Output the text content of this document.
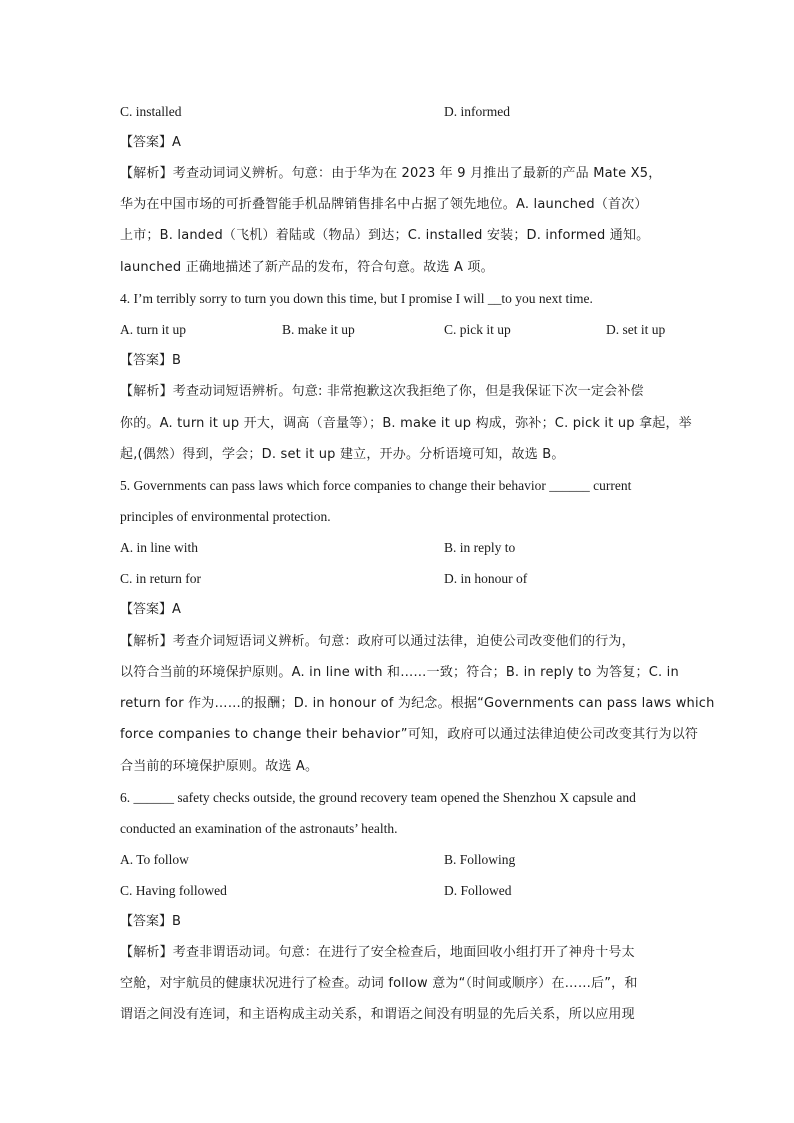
C. installed	D. informed
【答案】A
【解析】考查动词词义辨析。句意：由于华为在 2023 年 9 月推出了最新的产品 Mate X5，
华为在中国市场的可折叠智能手机品牌销售排名中占据了领先地位。A. launched（首次）
上市；B. landed（飞机）着陆或（物品）到达；C. installed 安装；D. informed 通知。
launched 正确地描述了新产品的发布，符合句意。故选 A 项。
4. I’m terribly sorry to turn you down this time, but I promise I will __to you next time.
A. turn it up	B. make it up	C. pick it up	D. set it up
【答案】B
【解析】考查动词短语辨析。句意: 非常抱歉这次我拒绝了你，但是我保证下次一定会补偿
你的。A. turn it up 开大，调高（音量等）；B. make it up 构成，弥补；C. pick it up 拿起，举
起,(偶然）得到，学会；D. set it up 建立，开办。分析语境可知，故选 B。
5. Governments can pass laws which force companies to change their behavior ______ current
principles of environmental protection.
A. in line with	B. in reply to
C. in return for	D. in honour of
【答案】A
【解析】考查介词短语词义辨析。句意：政府可以通过法律，迫使公司改变他们的行为，
以符合当前的环境保护原则。A. in line with 和……一致；符合；B. in reply to 为答复；C. in
return for 作为……的报酬；D. in honour of 为纪念。根据“Governments can pass laws which
force companies to change their behavior”可知，政府可以通过法律迫使公司改变其行为以符
合当前的环境保护原则。故选 A。
6. ______ safety checks outside, the ground recovery team opened the Shenzhou X capsule and
conducted an examination of the astronauts’ health.
A. To follow	B. Following
C. Having followed	D. Followed
【答案】B
【解析】考查非谓语动词。句意：在进行了安全检查后，地面回收小组打开了神舟十号太
空舱，对宇航员的健康状况进行了检查。动词 follow 意为“（时间或顺序）在……后”，和
谓语之间没有连词，和主语构成主动关系，和谓语之间没有明显的先后关系，所以应用现
